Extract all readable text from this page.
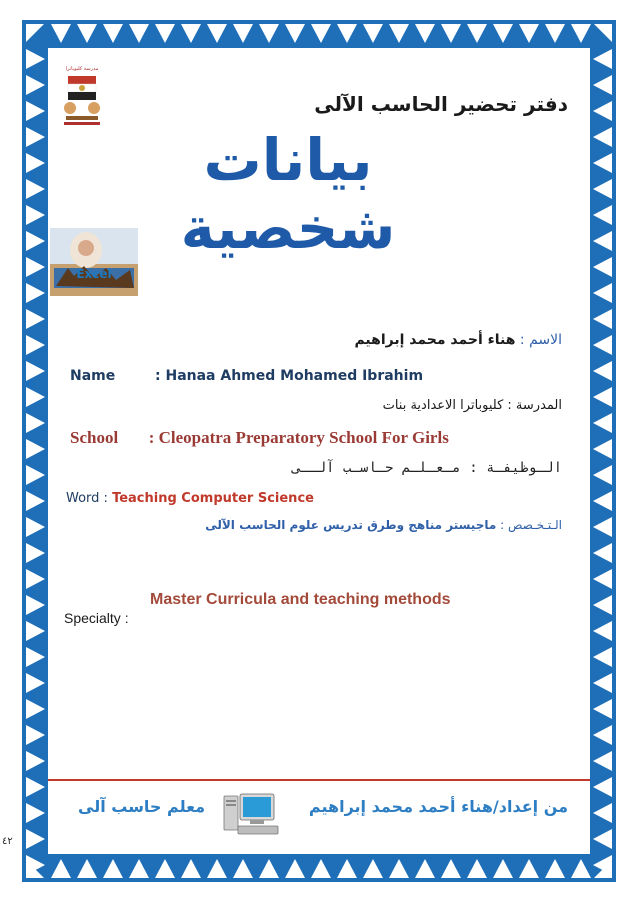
مدرسة كليوباترا
دفتر تحضير الحاسب الآلى
بيانات شخصية
Excel
الاسم : هناء أحمد محمد إبراهيم
Name	: Hanaa Ahmed Mohamed Ibrahim
المدرسة : كليوباترا الاعدادية بنات
School : Cleopatra Preparatory School For Girls
الـوظيفـة : مـعـلـم حـاسـب آلــى
Word : Teaching Computer Science
الـتـخـصص : ماجيستر مناهج وطرق تدريس علوم الحاسب الآلى
Master Curricula and teaching methods
Specialty :
من إعداد/هناء أحمد محمد إبراهيم
معلم حاسب آلى
٤٢
